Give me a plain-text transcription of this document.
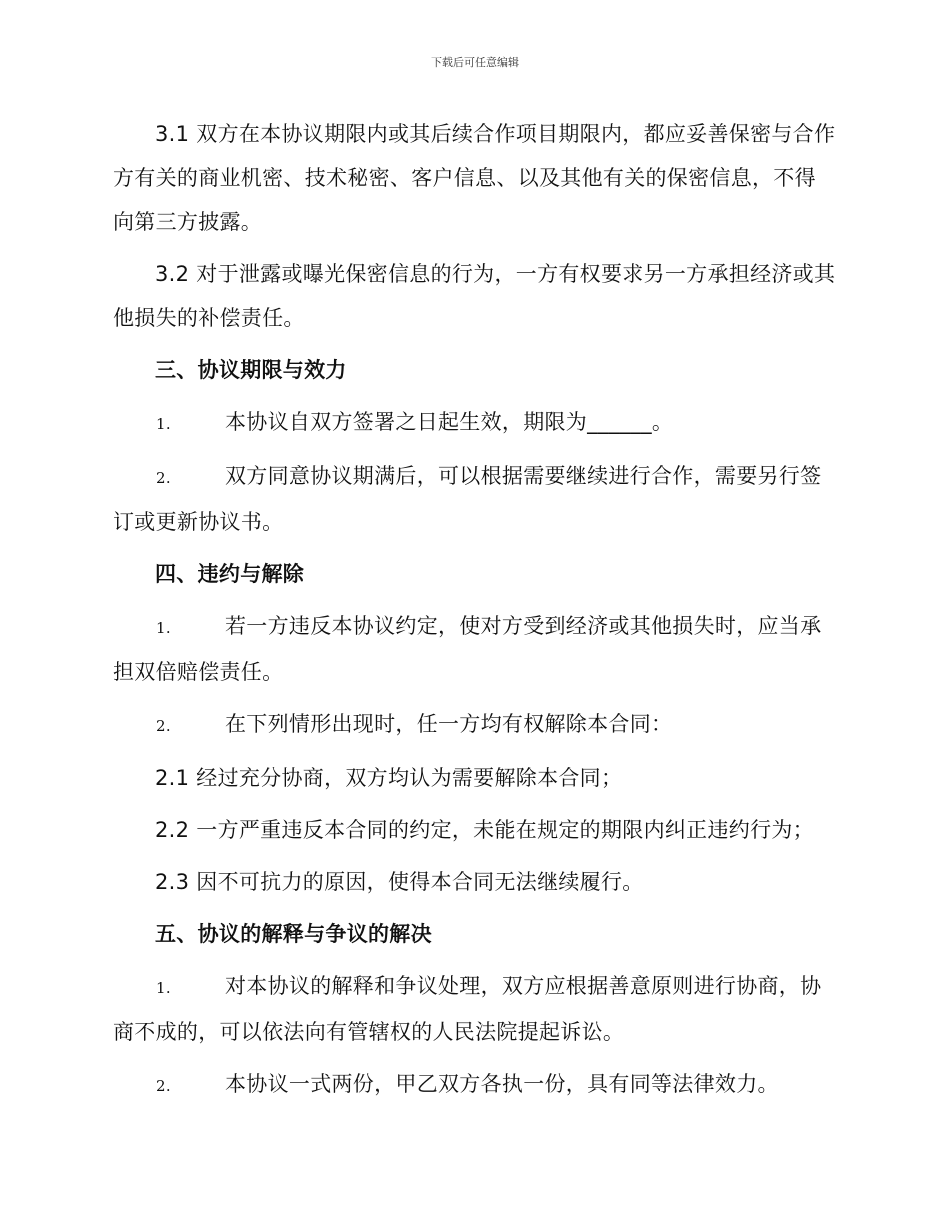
下载后可任意编辑

3.1 双方在本协议期限内或其后续合作项目期限内，都应妥善保密与合作方有关的商业机密、技术秘密、客户信息、以及其他有关的保密信息，不得向第三方披露。

3.2 对于泄露或曝光保密信息的行为，一方有权要求另一方承担经济或其他损失的补偿责任。

三、协议期限与效力

1.	本协议自双方签署之日起生效，期限为______。

2.	双方同意协议期满后，可以根据需要继续进行合作，需要另行签订或更新协议书。

四、违约与解除

1.	若一方违反本协议约定，使对方受到经济或其他损失时，应当承担双倍赔偿责任。

2.	在下列情形出现时，任一方均有权解除本合同：

2.1 经过充分协商，双方均认为需要解除本合同；

2.2 一方严重违反本合同的约定，未能在规定的期限内纠正违约行为；

2.3 因不可抗力的原因，使得本合同无法继续履行。

五、协议的解释与争议的解决

1.	对本协议的解释和争议处理，双方应根据善意原则进行协商，协商不成的，可以依法向有管辖权的人民法院提起诉讼。

2.	本协议一式两份，甲乙双方各执一份，具有同等法律效力。
